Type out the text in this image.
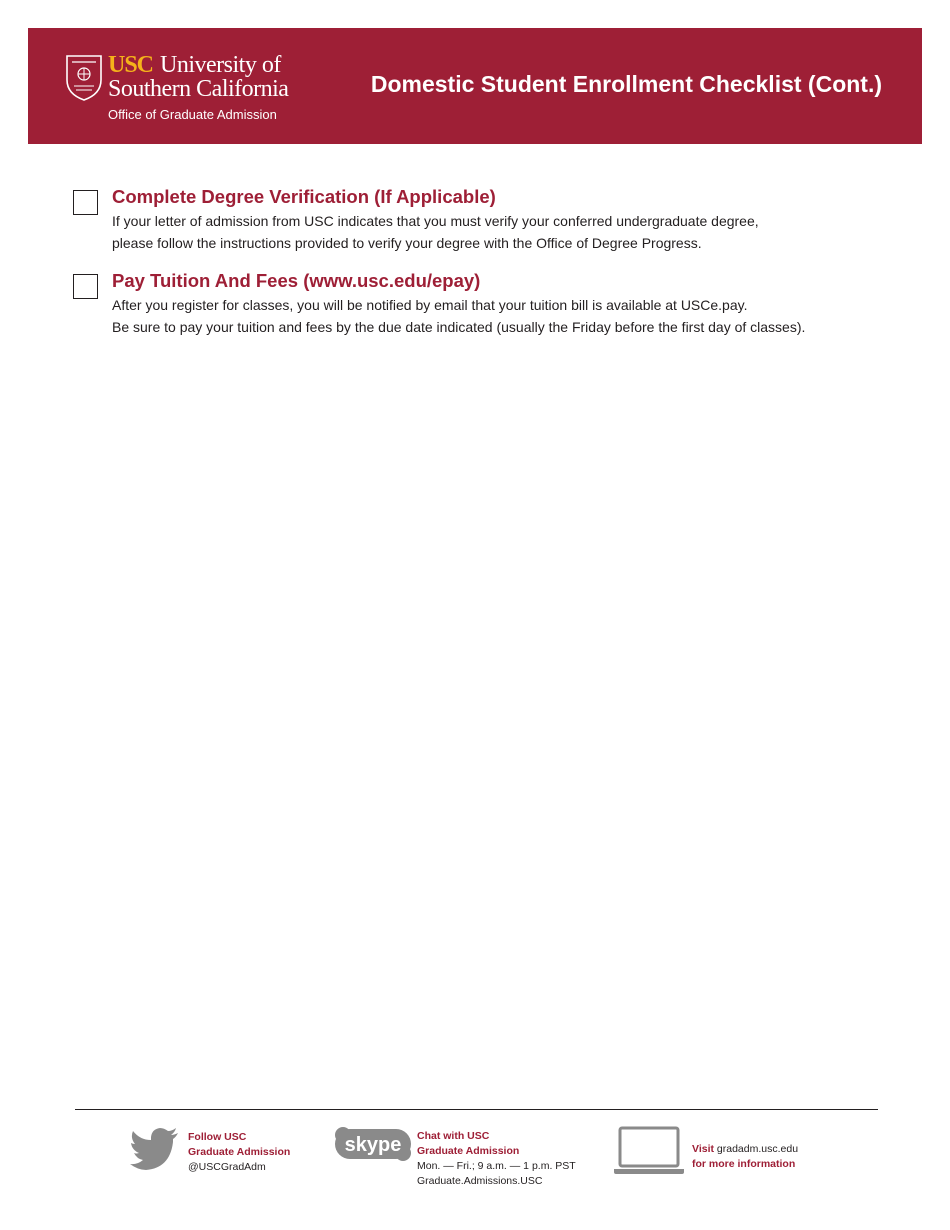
USC University of
Southern California
Office of Graduate Admission
Domestic Student Enrollment Checklist (Cont.)
Complete Degree Verification (If Applicable)
If your letter of admission from USC indicates that you must verify your conferred undergraduate degree,
please follow the instructions provided to verify your degree with the Office of Degree Progress.
Pay Tuition And Fees (www.usc.edu/epay)
After you register for classes, you will be notified by email that your tuition bill is available at USCe.pay.
Be sure to pay your tuition and fees by the due date indicated (usually the Friday before the first day of classes).
Follow USC
Graduate Admission
@USCGradAdm
skype Chat with USC
Graduate Admission
Mon. — Fri.; 9 a.m. — 1 p.m. PST
Graduate.Admissions.USC
Visit gradadm.usc.edu
for more information
